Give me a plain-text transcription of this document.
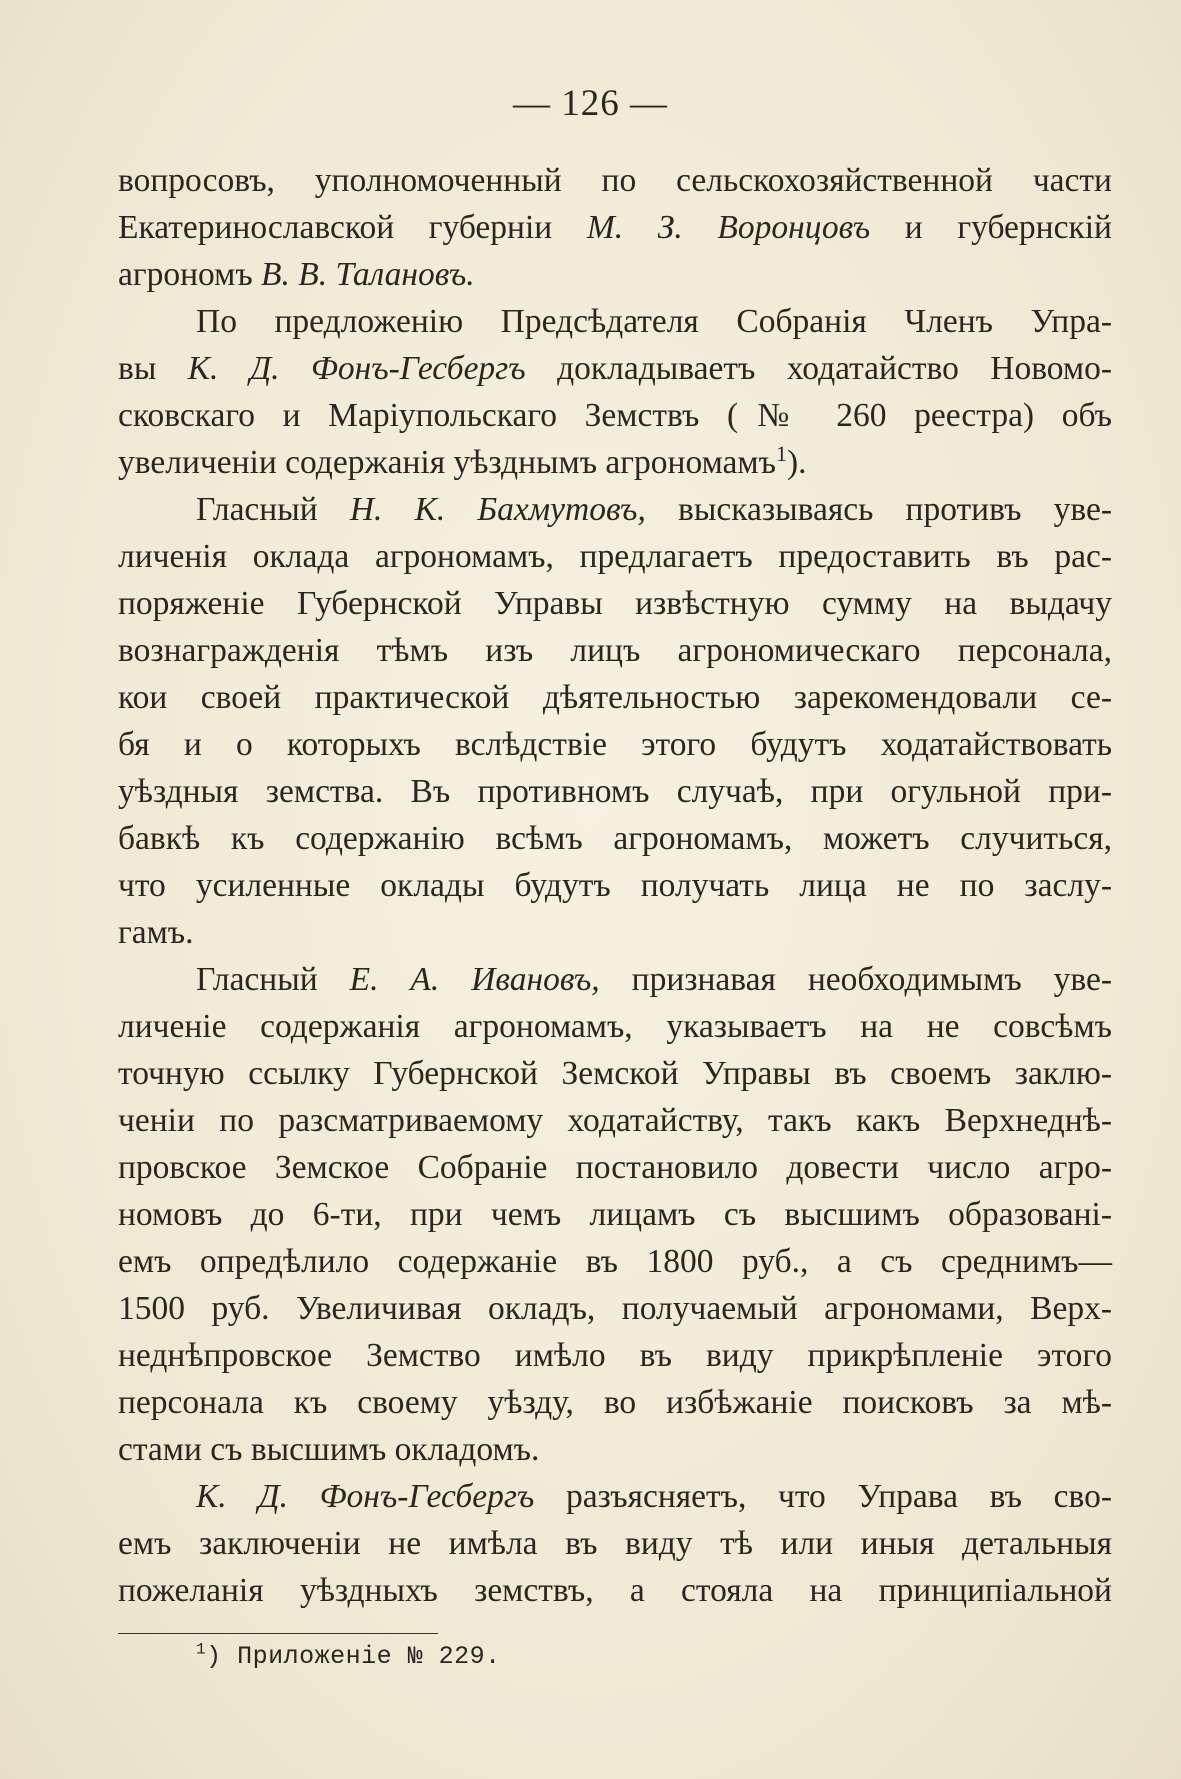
— 126 —
вопросовъ, уполномоченный по сельскохозяйственной части
Екатеринославской губерніи М. З. Воронцовъ и губернскій
агрономъ В. В. Талановъ.
По предложенію Предсѣдателя Собранія Членъ Упра-
вы К. Д. Фонъ-Гесбергъ докладываетъ ходатайство Новомо-
сковскаго и Маріупольскаго Земствъ (№ 260 реестра) объ
увеличеніи содержанія уѣзднымъ агрономамъ$^1$).
Гласный Н. К. Бахмутовъ, высказываясь противъ уве-
личенія оклада агрономамъ, предлагаетъ предоставить въ рас-
поряженіе Губернской Управы извѣстную сумму на выдачу
вознагражденія тѣмъ изъ лицъ агрономическаго персонала,
кои своей практической дѣятельностью зарекомендовали се-
бя и о которыхъ вслѣдствіе этого будутъ ходатайствовать
уѣздныя земства. Въ противномъ случаѣ, при огульной при-
бавкѣ къ содержанію всѣмъ агрономамъ, можетъ случиться,
что усиленные оклады будутъ получать лица не по заслу-
гамъ.
Гласный Е. А. Ивановъ, признавая необходимымъ уве-
личеніе содержанія агрономамъ, указываетъ на не совсѣмъ
точную ссылку Губернской Земской Управы въ своемъ заклю-
ченіи по разсматриваемому ходатайству, такъ какъ Верхнеднѣ-
провское Земское Собраніе постановило довести число агро-
номовъ до 6-ти, при чемъ лицамъ съ высшимъ образовані-
емъ опредѣлило содержаніе въ 1800 руб., а съ среднимъ—
1500 руб. Увеличивая окладъ, получаемый агрономами, Верх-
неднѣпровское Земство имѣло въ виду прикрѣпленіе этого
персонала къ своему уѣзду, во избѣжаніе поисковъ за мѣ-
стами съ высшимъ окладомъ.
К. Д. Фонъ-Гесбергъ разъясняетъ, что Управа въ сво-
емъ заключеніи не имѣла въ виду тѣ или иныя детальныя
пожеланія уѣздныхъ земствъ, а стояла на принципіальной
$^1$) Приложеніе № 229.
